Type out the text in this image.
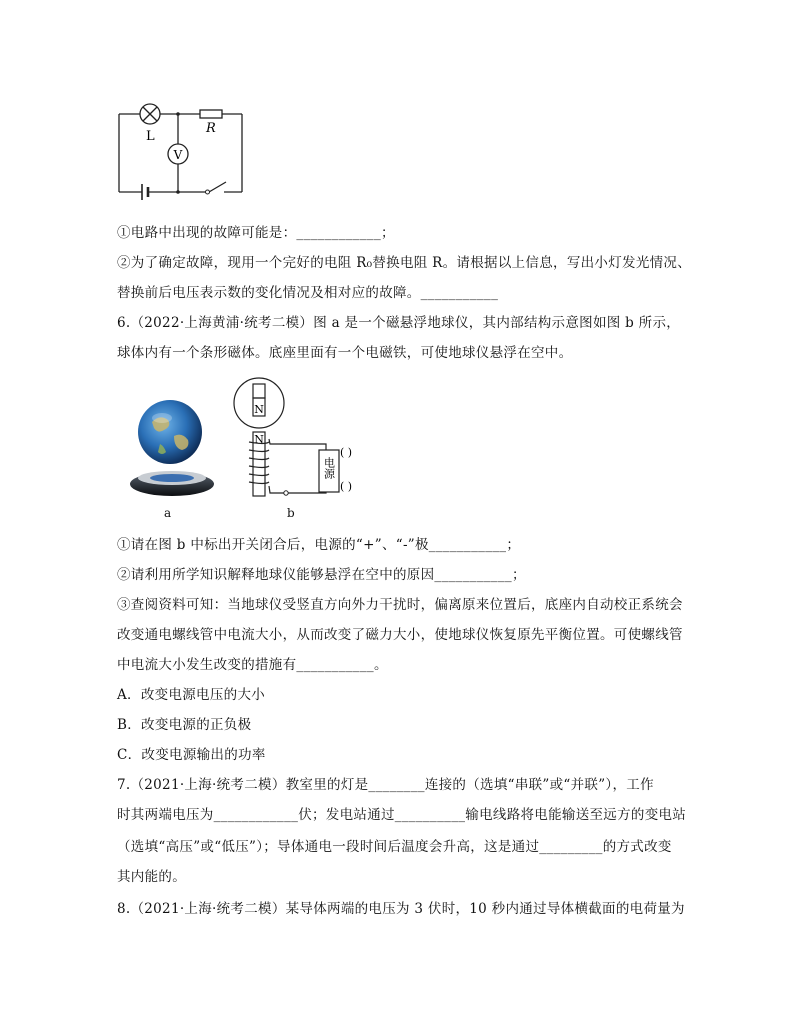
V
L
R
①电路中出现的故障可能是：____________；
②为了确定故障，现用一个完好的电阻 R₀替换电阻 R。请根据以上信息，写出小灯发光情况、
替换前后电压表示数的变化情况及相对应的故障。___________
6.（2022·上海黄浦·统考二模）图 a 是一个磁悬浮地球仪，其内部结构示意图如图 b 所示，
球体内有一个条形磁体。底座里面有一个电磁铁，可使地球仪悬浮在空中。
a
N
N
电源
( )
( )
b
①请在图 b 中标出开关闭合后，电源的“+”、“-”极___________；
②请利用所学知识解释地球仪能够悬浮在空中的原因___________；
③查阅资料可知：当地球仪受竖直方向外力干扰时，偏离原来位置后，底座内自动校正系统会
改变通电螺线管中电流大小，从而改变了磁力大小，使地球仪恢复原先平衡位置。可使螺线管
中电流大小发生改变的措施有___________。
A．改变电源电压的大小
B．改变电源的正负极
C．改变电源输出的功率
7.（2021·上海·统考二模）教室里的灯是________连接的（选填“串联”或“并联”），工作
时其两端电压为____________伏；发电站通过__________输电线路将电能输送至远方的变电站
（选填“高压”或“低压”）；导体通电一段时间后温度会升高，这是通过_________的方式改变
其内能的。
8.（2021·上海·统考二模）某导体两端的电压为 3 伏时，10 秒内通过导体横截面的电荷量为
